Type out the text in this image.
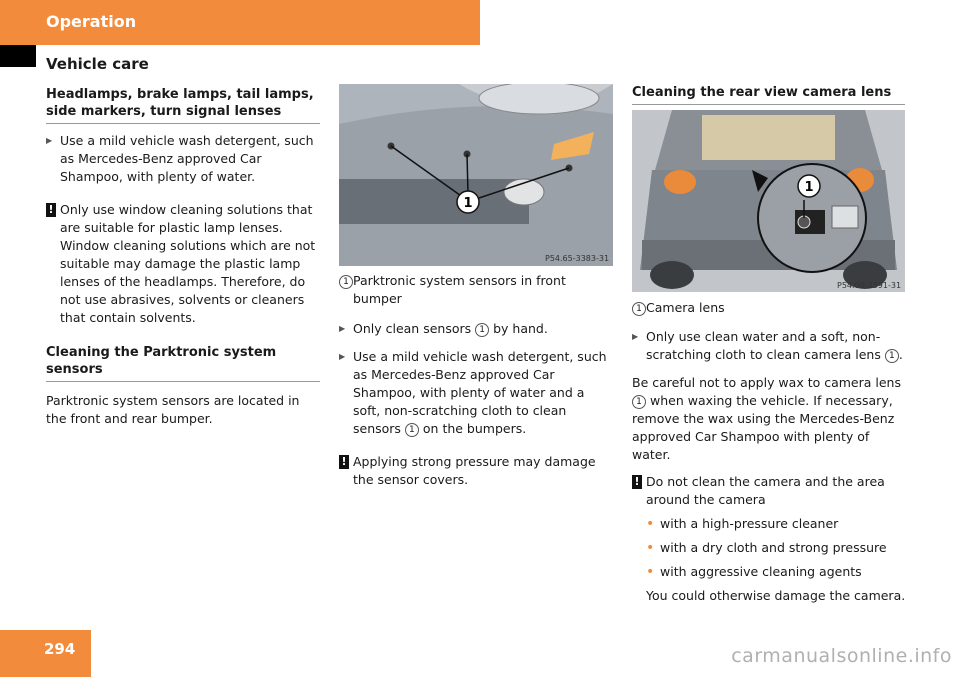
Operation
Vehicle care
Headlamps, brake lamps, tail lamps, side markers, turn signal lenses

▶ Use a mild vehicle wash detergent, such as Mercedes-Benz approved Car Shampoo, with plenty of water.

! Only use window cleaning solutions that are suitable for plastic lamp lenses. Window cleaning solutions which are not suitable may damage the plastic lamp lenses of the headlamps. Therefore, do not use abrasives, solvents or cleaners that contain solvents.
Cleaning the Parktronic system sensors

Parktronic system sensors are located in the front and rear bumper.

1
P54.65-3383-31

1 Parktronic system sensors in front bumper

▶ Only clean sensors 1 by hand.

▶ Use a mild vehicle wash detergent, such as Mercedes-Benz approved Car Shampoo, with plenty of water and a soft, non-scratching cloth to clean sensors 1 on the bumpers.

! Applying strong pressure may damage the sensor covers.
Cleaning the rear view camera lens
1
P54.00-2591-31

1 Camera lens

▶ Only use clean water and a soft, non-scratching cloth to clean camera lens 1 .

Be careful not to apply wax to camera lens 1 when waxing the vehicle. If necessary, remove the wax using the Mercedes-Benz approved Car Shampoo with plenty of water.

! Do not clean the camera and the area around the camera

• with a high-pressure cleaner

• with a dry cloth and strong pressure

• with aggressive cleaning agents

You could otherwise damage the camera.

294	carmanualsonline.info
